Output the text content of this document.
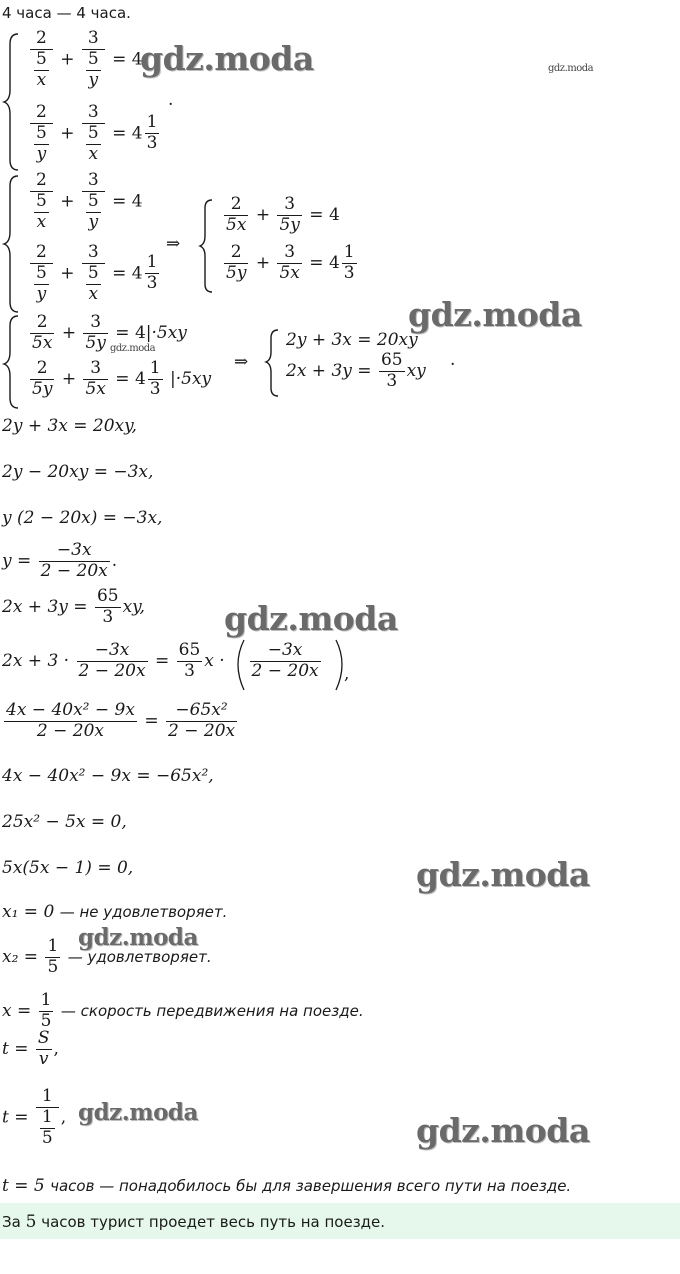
4 часа — 4 часа.
$\frac{2}{\frac{5}{x}} + \frac{3}{\frac{5}{y}} = 4$
.
$\frac{2}{\frac{5}{y}} + \frac{3}{\frac{5}{x}} = 4 \frac{1}{3}$
$\frac{2}{\frac{5}{x}} + \frac{3}{\frac{5}{y}} = 4$
⇒
$\frac{2}{\frac{5}{y}} + \frac{3}{\frac{5}{x}} = 4 \frac{1}{3}$
$\frac{2}{5x} + \frac{3}{5y} = 4$
$\frac{2}{5y} + \frac{3}{5x} = 4 \frac{1}{3}$
$\frac{2}{5x} + \frac{3}{5y} = 4|\cdot 5xy$
$\frac{2}{5y} + \frac{3}{5x} = 4 \frac{1}{3} |\cdot 5xy$
⇒
2y + 3x = 20xy
$2x + 3y = \frac{65}{3}$ xy
.
2y + 3x = 20xy,
2y − 20xy = −3x,
y (2 − 20x) = −3x,
$y = \frac{-3x}{2 - 20x}$ .
$2x + 3y = \frac{65}{3}$ xy,
$2x + 3 \cdot \frac{-3x}{2 - 20x} = \frac{65}{3}$ $x \cdot \frac{-3x}{2 - 20x}$ ,
$\frac{\text{4x − 40x² − 9x}}{2 - 20x} = \frac{\text{−65x²}}{2 - 20x}$
4x − 40x² − 9x = −65x²,
25x² − 5x = 0,
5x(5x − 1) = 0,
x₁ = 0 — не удовлетворяет.
$x_2 = \frac{1}{5}$ — удовлетворяет.
$x = \frac{1}{5}$ — скорость передвижения на поезде.
$t = \frac{S}{v}$ ,
$t = \frac{1}{\frac{1}{5}}$ ,
t = 5 часов — понадобилось бы для завершения всего пути на поезде.
За 5 часов турист проедет весь путь на поезде.
gdz.moda	gdz.moda
gdz.moda
gdz.moda
gdz.moda
gdz.moda
gdz.moda
gdz.moda	gdz.moda
